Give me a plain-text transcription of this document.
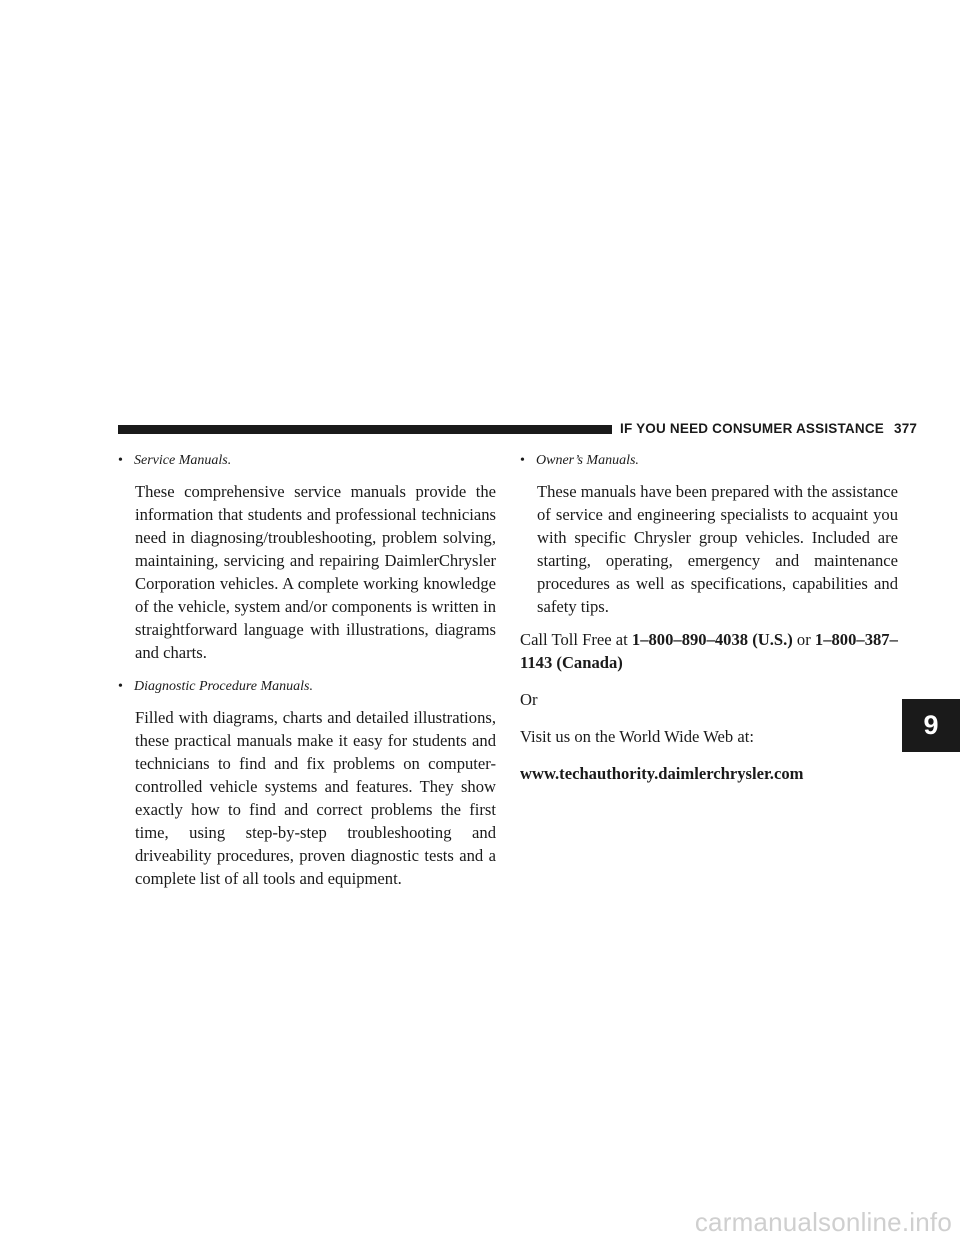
IF YOU NEED CONSUMER ASSISTANCE 377
• Service Manuals.

These comprehensive service manuals provide the information that students and professional technicians need in diagnosing/troubleshooting, problem solving, maintaining, servicing and repairing DaimlerChrysler Corporation vehicles. A complete working knowledge of the vehicle, system and/or components is written in straightforward language with illustrations, diagrams and charts.

• Diagnostic Procedure Manuals.

Filled with diagrams, charts and detailed illustrations, these practical manuals make it easy for students and technicians to find and fix problems on computer-controlled vehicle systems and features. They show exactly how to find and correct problems the first time, using step-by-step troubleshooting and driveability procedures, proven diagnostic tests and a complete list of all tools and equipment.

• Owner’s Manuals.

These manuals have been prepared with the assistance of service and engineering specialists to acquaint you with specific Chrysler group vehicles. Included are starting, operating, emergency and maintenance procedures as well as specifications, capabilities and safety tips.

Call Toll Free at 1–800–890–4038 (U.S.) or 1–800–387–1143 (Canada)

Or

Visit us on the World Wide Web at:

www.techauthority.daimlerchrysler.com

9
carmanualsonline.info
